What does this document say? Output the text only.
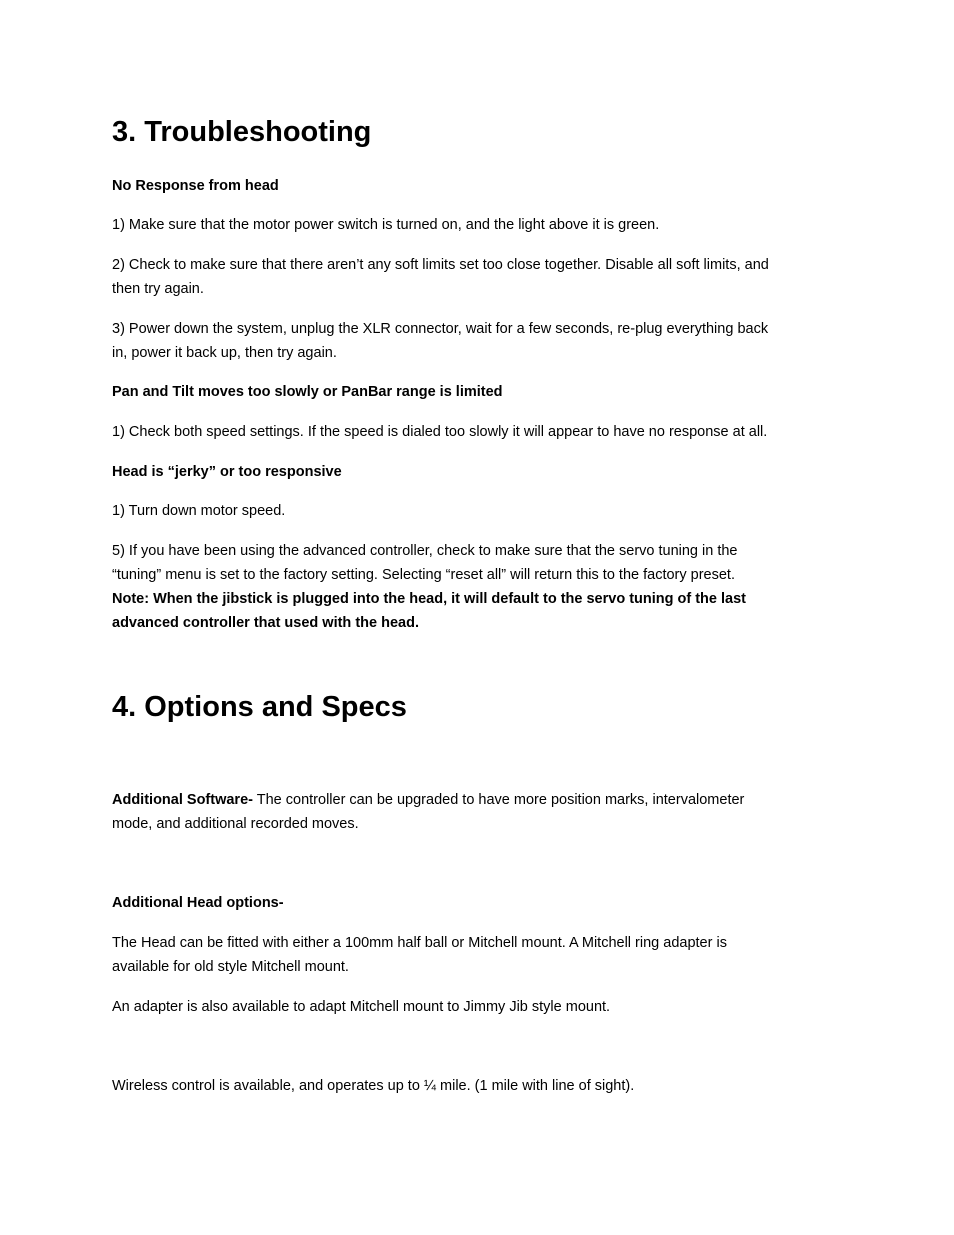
3. Troubleshooting
No Response from head
1) Make sure that the motor power switch is turned on, and the light above it is green.
2) Check to make sure that there aren’t any soft limits set too close together. Disable all soft limits, and
then try again.
3) Power down the system, unplug the XLR connector, wait for a few seconds, re-plug everything back
in, power it back up, then try again.
Pan and Tilt moves too slowly or PanBar range is limited
1) Check both speed settings. If the speed is dialed too slowly it will appear to have no response at all.
Head is “jerky” or too responsive
1) Turn down motor speed.
5) If you have been using the advanced controller, check to make sure that the servo tuning in the
“tuning” menu is set to the factory setting. Selecting “reset all” will return this to the factory preset.
Note: When the jibstick is plugged into the head, it will default to the servo tuning of the last
advanced controller that used with the head.
4. Options and Specs
Additional Software- The controller can be upgraded to have more position marks, intervalometer
mode, and additional recorded moves.
Additional Head options-
The Head can be fitted with either a 100mm half ball or Mitchell mount. A Mitchell ring adapter is
available for old style Mitchell mount.
An adapter is also available to adapt Mitchell mount to Jimmy Jib style mount.
Wireless control is available, and operates up to ¼ mile. (1 mile with line of sight).
